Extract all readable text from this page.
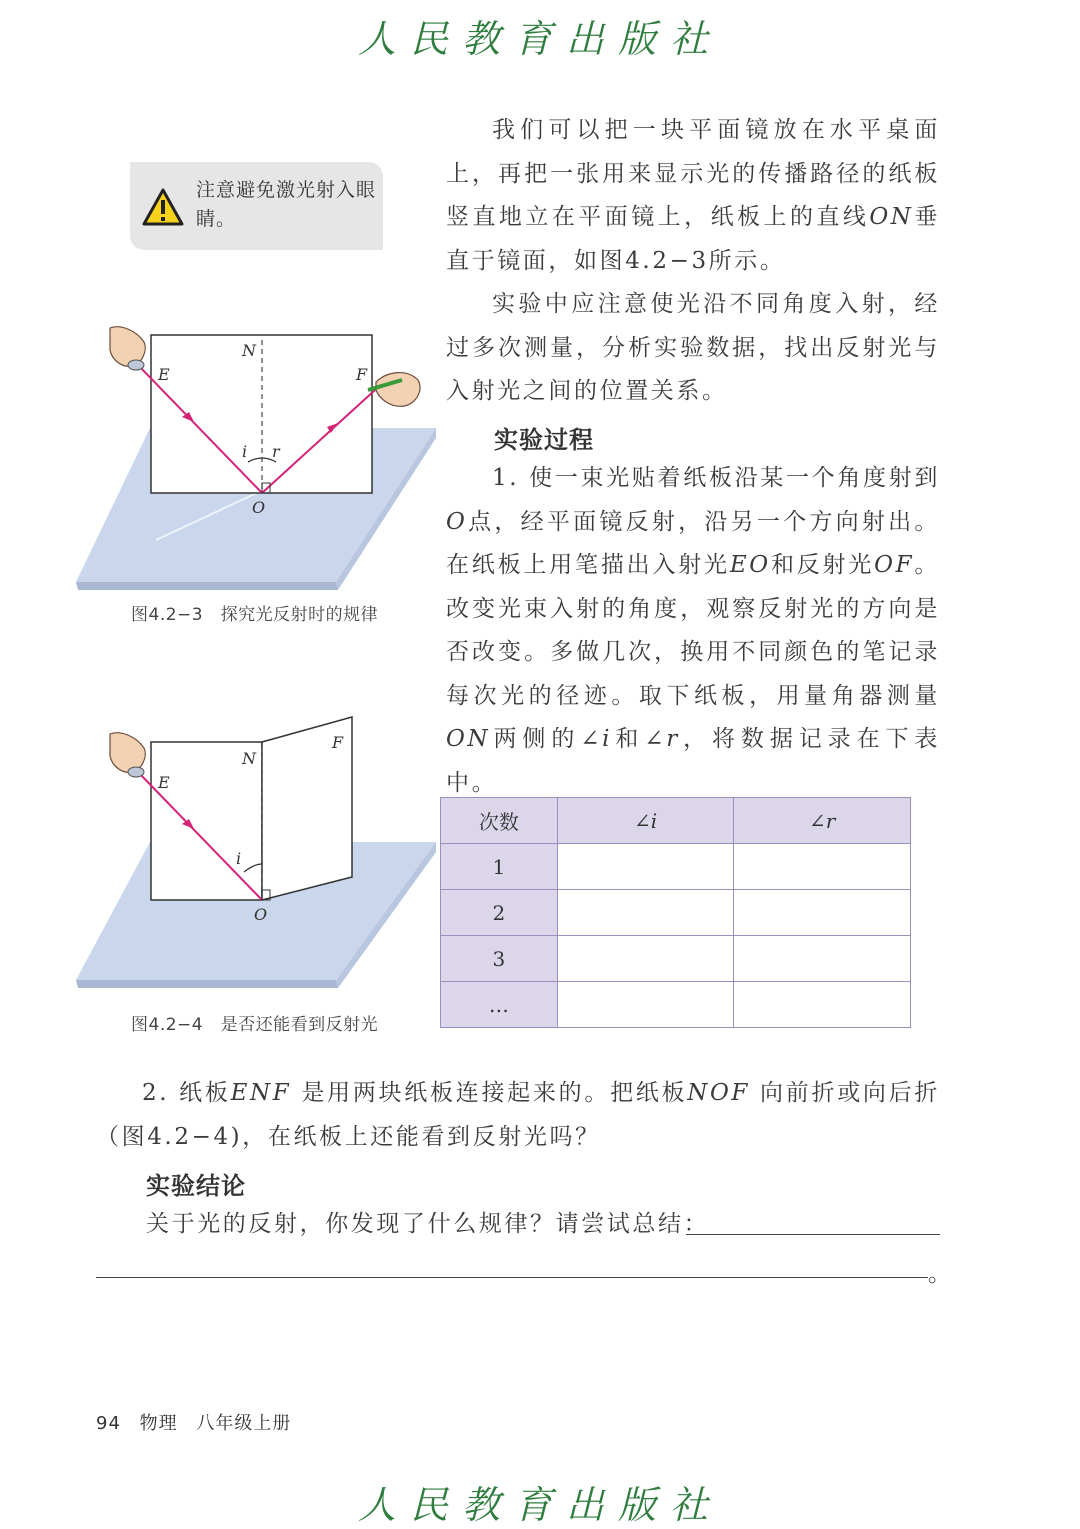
人民教育出版社
注意避免激光射入眼睛。
我们可以把一块平面镜放在水平桌面上，再把一张用来显示光的传播路径的纸板竖直地立在平面镜上，纸板上的直线ON垂直于镜面，如图4.2−3所示。
实验中应注意使光沿不同角度入射，经过多次测量，分析实验数据，找出反射光与入射光之间的位置关系。
实验过程
1. 使一束光贴着纸板沿某一个角度射到O点，经平面镜反射，沿另一个方向射出。在纸板上用笔描出入射光EO和反射光OF。改变光束入射的角度，观察反射光的方向是否改变。多做几次，换用不同颜色的笔记录每次光的径迹。取下纸板，用量角器测量ON两侧的∠i和∠r，将数据记录在下表中。
N
E	F
i r
O
图4.2−3　探究光反射时的规律
N
E
F
i
O
图4.2−4　是否还能看到反射光
次数	∠i	∠r
1		
2		
3		
…		
2. 纸板ENF 是用两块纸板连接起来的。把纸板NOF 向前折或向后折（图4.2−4)，在纸板上还能看到反射光吗？
实验结论
关于光的反射，你发现了什么规律？请尝试总结：
。
94 物理 八年级上册
人民教育出版社
